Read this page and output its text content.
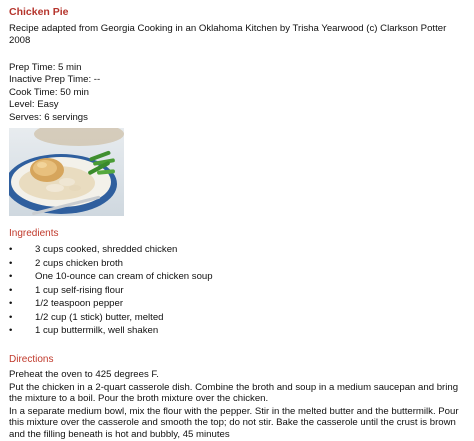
Chicken Pie
Recipe adapted from Georgia Cooking in an Oklahoma Kitchen by Trisha Yearwood (c) Clarkson Potter 2008
Prep Time: 5 min
Inactive Prep Time: --
Cook Time: 50 min
Level: Easy
Serves: 6 servings
Ingredients
• 3 cups cooked, shredded chicken
• 2 cups chicken broth
• One 10-ounce can cream of chicken soup
• 1 cup self-rising flour
• 1/2 teaspoon pepper
• 1/2 cup (1 stick) butter, melted
• 1 cup buttermilk, well shaken
Directions

Preheat the oven to 425 degrees F.

Put the chicken in a 2-quart casserole dish. Combine the broth and soup in a medium saucepan and bring the mixture to a boil. Pour the broth mixture over the chicken.

In a separate medium bowl, mix the flour with the pepper. Stir in the melted butter and the buttermilk. Pour this mixture over the casserole and smooth the top; do not stir. Bake the casserole until the crust is brown and the filling beneath is hot and bubbly, 45 minutes
